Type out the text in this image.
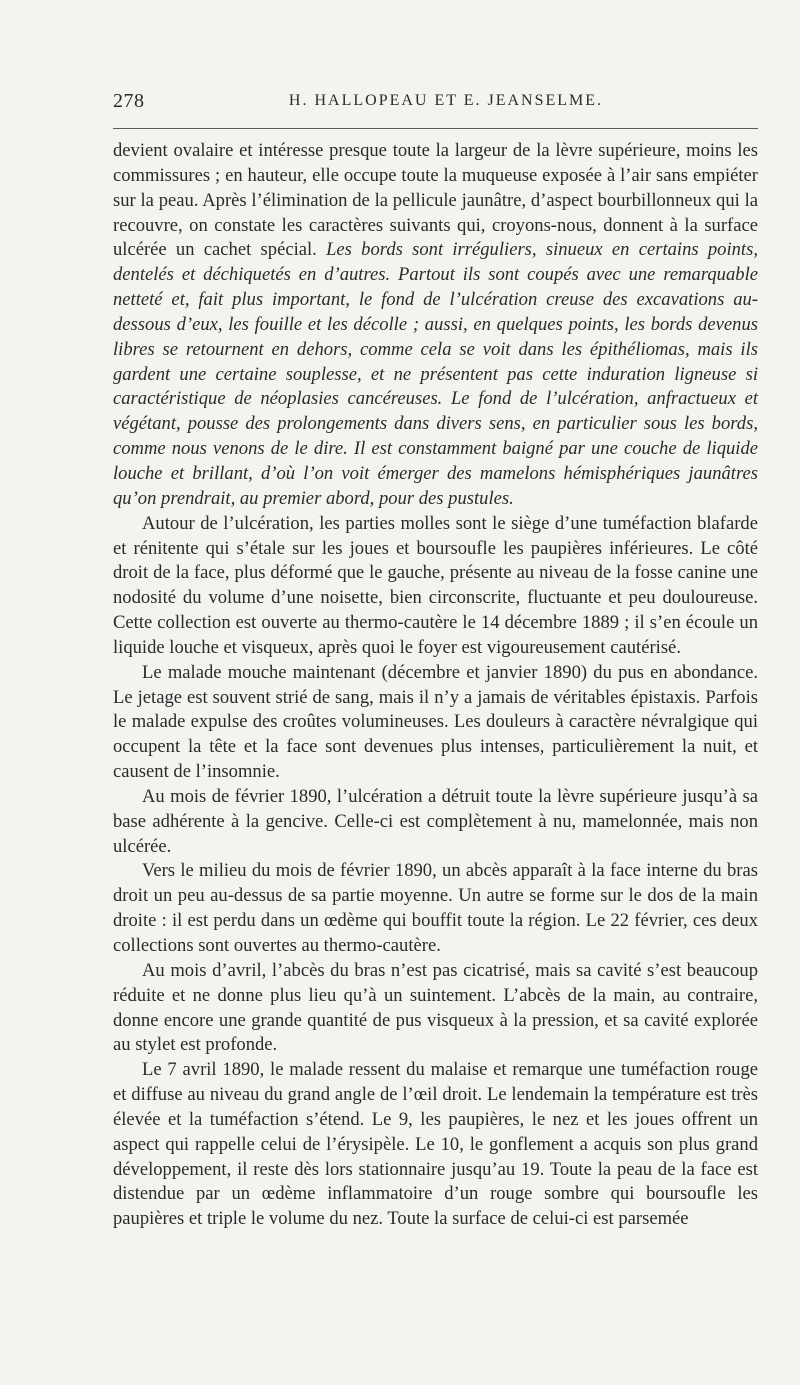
278	H. HALLOPEAU ET E. JEANSELME.

devient ovalaire et intéresse presque toute la largeur de la lèvre supérieure, moins les commissures ; en hauteur, elle occupe toute la muqueuse exposée à l’air sans empiéter sur la peau. Après l’élimination de la pellicule jaunâtre, d’aspect bourbillonneux qui la recouvre, on constate les caractères suivants qui, croyons-nous, donnent à la surface ulcérée un cachet spécial. Les bords sont irréguliers, sinueux en certains points, dentelés et déchiquetés en d’autres. Partout ils sont coupés avec une remarquable netteté et, fait plus important, le fond de l’ulcération creuse des excavations au-dessous d’eux, les fouille et les décolle ; aussi, en quelques points, les bords devenus libres se retournent en dehors, comme cela se voit dans les épithéliomas, mais ils gardent une certaine souplesse, et ne présentent pas cette induration ligneuse si caractéristique de néoplasies cancéreuses. Le fond de l’ulcération, anfractueux et végétant, pousse des prolongements dans divers sens, en particulier sous les bords, comme nous venons de le dire. Il est constamment baigné par une couche de liquide louche et brillant, d’où l’on voit émerger des mamelons hémisphériques jaunâtres qu’on prendrait, au premier abord, pour des pustules.

Autour de l’ulcération, les parties molles sont le siège d’une tuméfaction blafarde et rénitente qui s’étale sur les joues et boursoufle les paupières inférieures. Le côté droit de la face, plus déformé que le gauche, présente au niveau de la fosse canine une nodosité du volume d’une noisette, bien circonscrite, fluctuante et peu douloureuse. Cette collection est ouverte au thermo-cautère le 14 décembre 1889 ; il s’en écoule un liquide louche et visqueux, après quoi le foyer est vigoureusement cautérisé.

Le malade mouche maintenant (décembre et janvier 1890) du pus en abondance. Le jetage est souvent strié de sang, mais il n’y a jamais de véritables épistaxis. Parfois le malade expulse des croûtes volumineuses. Les douleurs à caractère névralgique qui occupent la tête et la face sont devenues plus intenses, particulièrement la nuit, et causent de l’insomnie.

Au mois de février 1890, l’ulcération a détruit toute la lèvre supérieure jusqu’à sa base adhérente à la gencive. Celle-ci est complètement à nu, mamelonnée, mais non ulcérée.

Vers le milieu du mois de février 1890, un abcès apparaît à la face interne du bras droit un peu au-dessus de sa partie moyenne. Un autre se forme sur le dos de la main droite : il est perdu dans un œdème qui bouffit toute la région. Le 22 février, ces deux collections sont ouvertes au thermo-cautère.

Au mois d’avril, l’abcès du bras n’est pas cicatrisé, mais sa cavité s’est beaucoup réduite et ne donne plus lieu qu’à un suintement. L’abcès de la main, au contraire, donne encore une grande quantité de pus visqueux à la pression, et sa cavité explorée au stylet est profonde.

Le 7 avril 1890, le malade ressent du malaise et remarque une tuméfaction rouge et diffuse au niveau du grand angle de l’œil droit. Le lendemain la température est très élevée et la tuméfaction s’étend. Le 9, les paupières, le nez et les joues offrent un aspect qui rappelle celui de l’érysipèle. Le 10, le gonflement a acquis son plus grand développement, il reste dès lors stationnaire jusqu’au 19. Toute la peau de la face est distendue par un œdème inflammatoire d’un rouge sombre qui boursoufle les paupières et triple le volume du nez. Toute la surface de celui-ci est parsemée
